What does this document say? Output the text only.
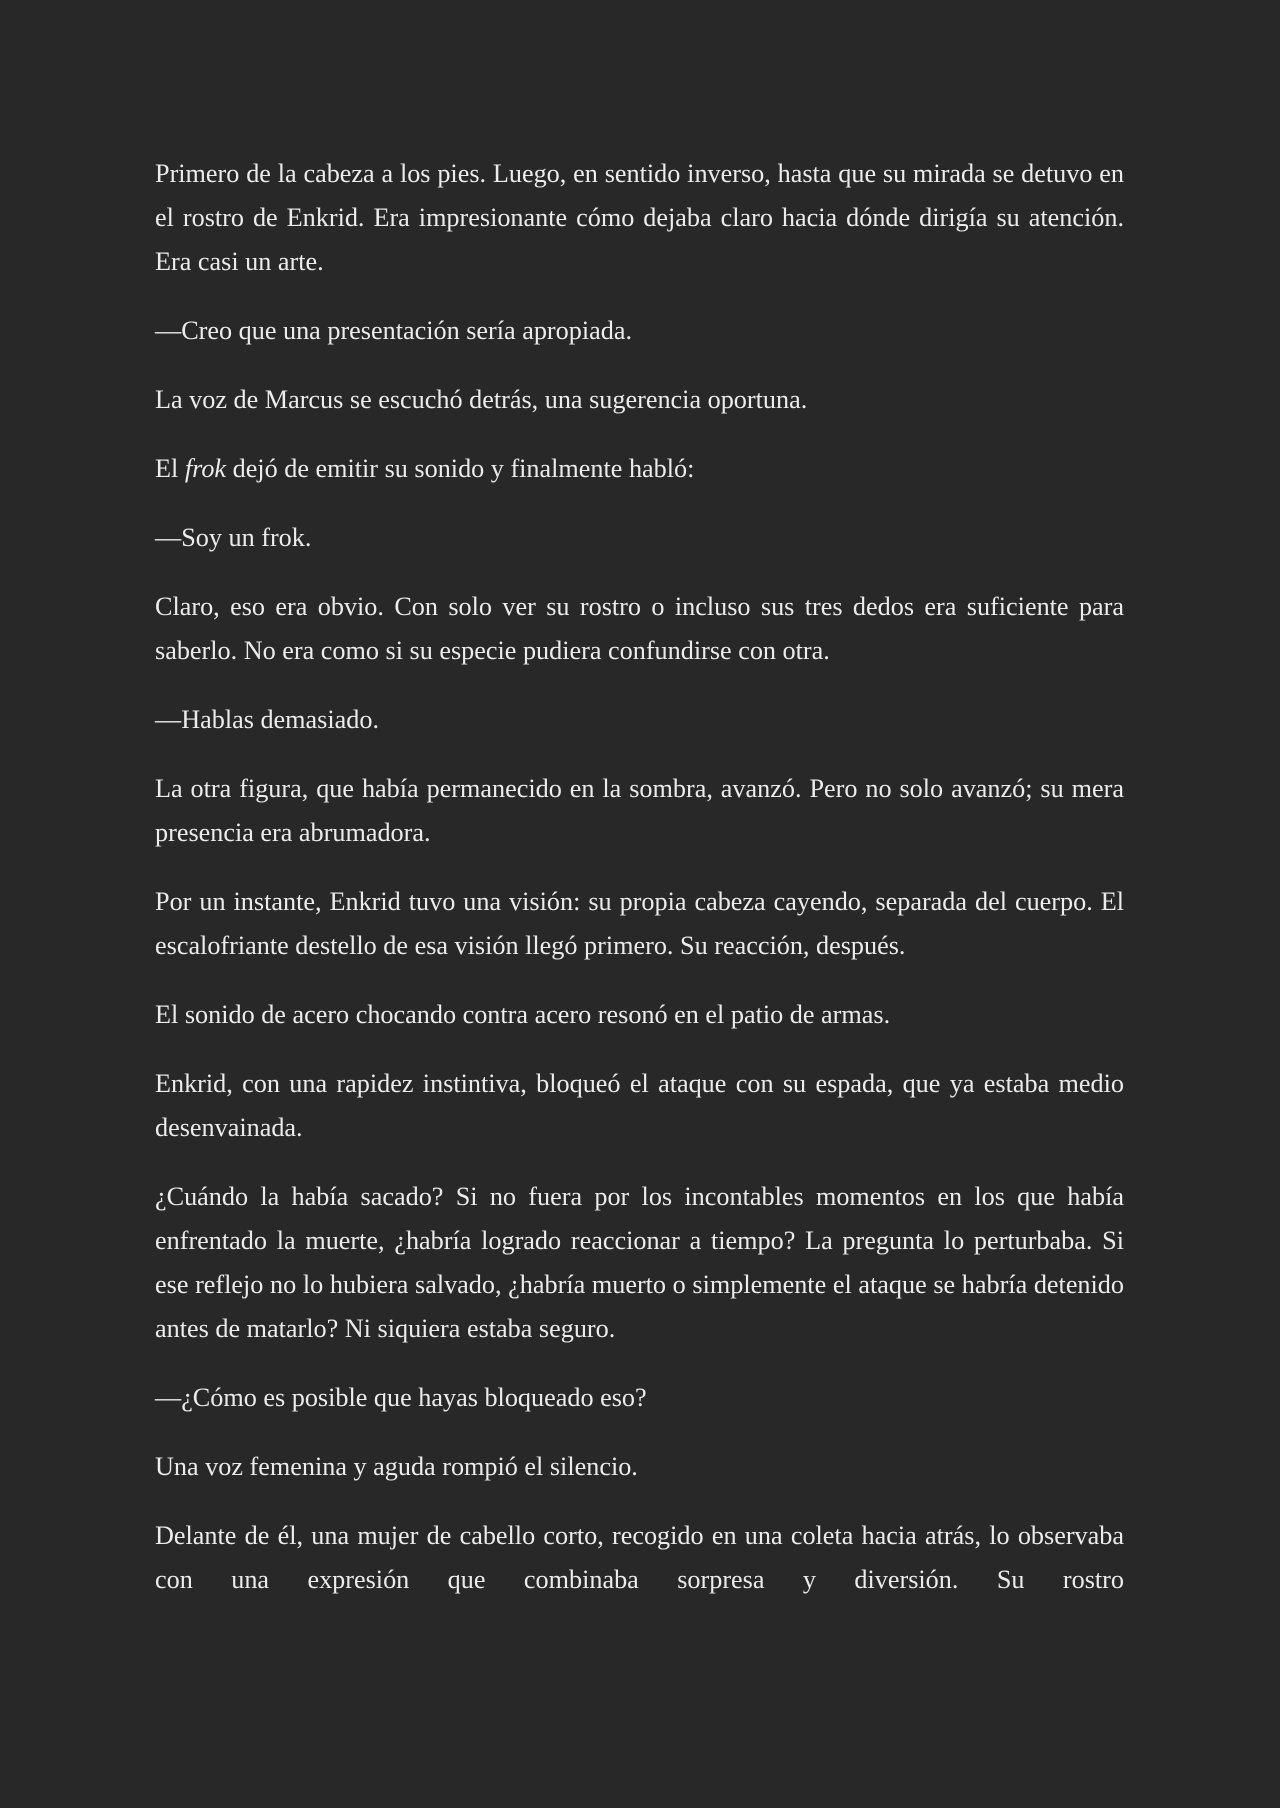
Primero de la cabeza a los pies. Luego, en sentido inverso, hasta que su mirada se detuvo en el rostro de Enkrid. Era impresionante cómo dejaba claro hacia dónde dirigía su atención. Era casi un arte.

—Creo que una presentación sería apropiada.

La voz de Marcus se escuchó detrás, una sugerencia oportuna.

El frok dejó de emitir su sonido y finalmente habló:

—Soy un frok.

Claro, eso era obvio. Con solo ver su rostro o incluso sus tres dedos era suficiente para saberlo. No era como si su especie pudiera confundirse con otra.

—Hablas demasiado.

La otra figura, que había permanecido en la sombra, avanzó. Pero no solo avanzó; su mera presencia era abrumadora.

Por un instante, Enkrid tuvo una visión: su propia cabeza cayendo, separada del cuerpo. El escalofriante destello de esa visión llegó primero. Su reacción, después.

El sonido de acero chocando contra acero resonó en el patio de armas.

Enkrid, con una rapidez instintiva, bloqueó el ataque con su espada, que ya estaba medio desenvainada.

¿Cuándo la había sacado? Si no fuera por los incontables momentos en los que había enfrentado la muerte, ¿habría logrado reaccionar a tiempo? La pregunta lo perturbaba. Si ese reflejo no lo hubiera salvado, ¿habría muerto o simplemente el ataque se habría detenido antes de matarlo? Ni siquiera estaba seguro.

—¿Cómo es posible que hayas bloqueado eso?

Una voz femenina y aguda rompió el silencio.

Delante de él, una mujer de cabello corto, recogido en una coleta hacia atrás, lo observaba con una expresión que combinaba sorpresa y diversión. Su rostro
